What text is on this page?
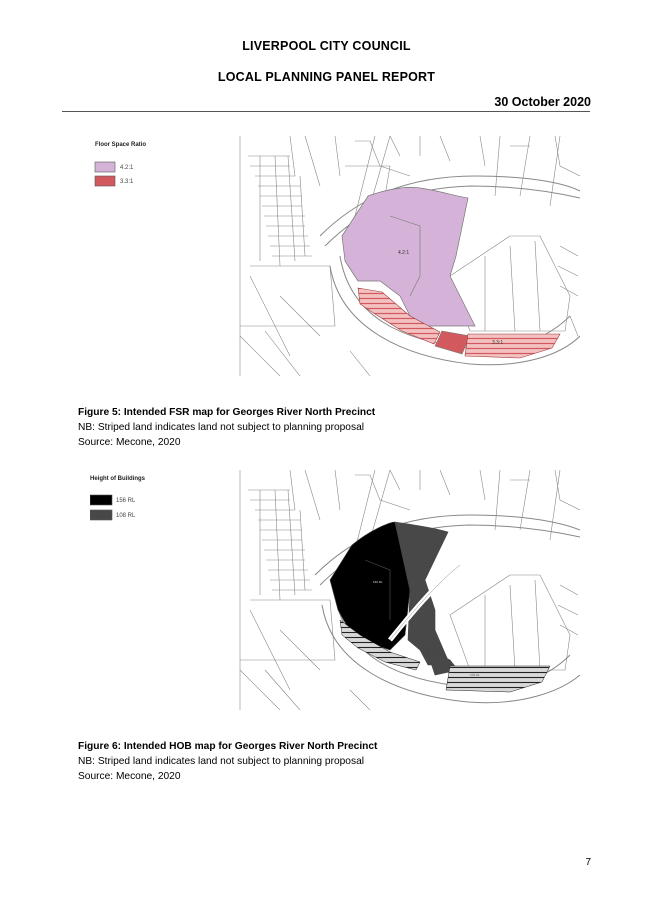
LIVERPOOL CITY COUNCIL
LOCAL PLANNING PANEL REPORT
30 October 2020
Floor Space Ratio
4.2:1
3.3:1
4.2:1
3.3:1
Figure 5: Intended FSR map for Georges River North Precinct
NB: Striped land indicates land not subject to planning proposal
Source: Mecone, 2020
Height of Buildings
156 RL
108 RL
156 RL
108 RL
Figure 6: Intended HOB map for Georges River North Precinct
NB: Striped land indicates land not subject to planning proposal
Source: Mecone, 2020
7
